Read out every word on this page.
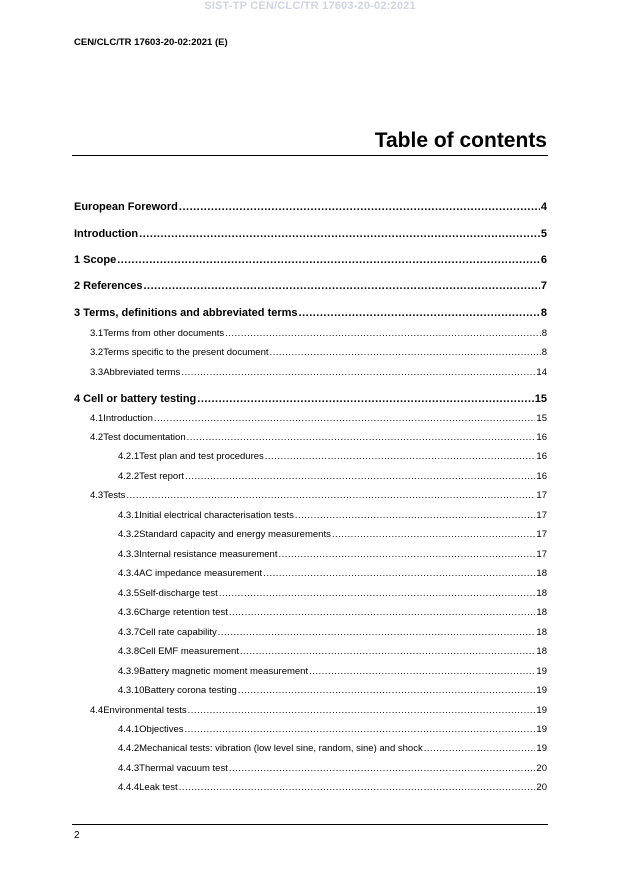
SIST-TP CEN/CLC/TR 17603-20-02:2021
CEN/CLC/TR 17603-20-02:2021 (E)
Table of contents
European Foreword .....	4
Introduction .....	5
1 Scope .....	6
2 References .....	7
3 Terms, definitions and abbreviated terms .....	8
3.1 Terms from other documents .....	8
3.2 Terms specific to the present document .....	8
3.3 Abbreviated terms .....	14
4 Cell or battery testing .....	15
4.1 Introduction .....	15
4.2 Test documentation .....	16
4.2.1 Test plan and test procedures .....	16
4.2.2 Test report .....	16
4.3 Tests .....	17
4.3.1 Initial electrical characterisation tests .....	17
4.3.2 Standard capacity and energy measurements .....	17
4.3.3 Internal resistance measurement .....	17
4.3.4 AC impedance measurement .....	18
4.3.5 Self-discharge test .....	18
4.3.6 Charge retention test .....	18
4.3.7 Cell rate capability .....	18
4.3.8 Cell EMF measurement .....	18
4.3.9 Battery magnetic moment measurement .....	19
4.3.10 Battery corona testing .....	19
4.4 Environmental tests .....	19
4.4.1 Objectives .....	19
4.4.2 Mechanical tests: vibration (low level sine, random, sine) and shock .....	19
4.4.3 Thermal vacuum test .....	20
4.4.4 Leak test .....	20
2
